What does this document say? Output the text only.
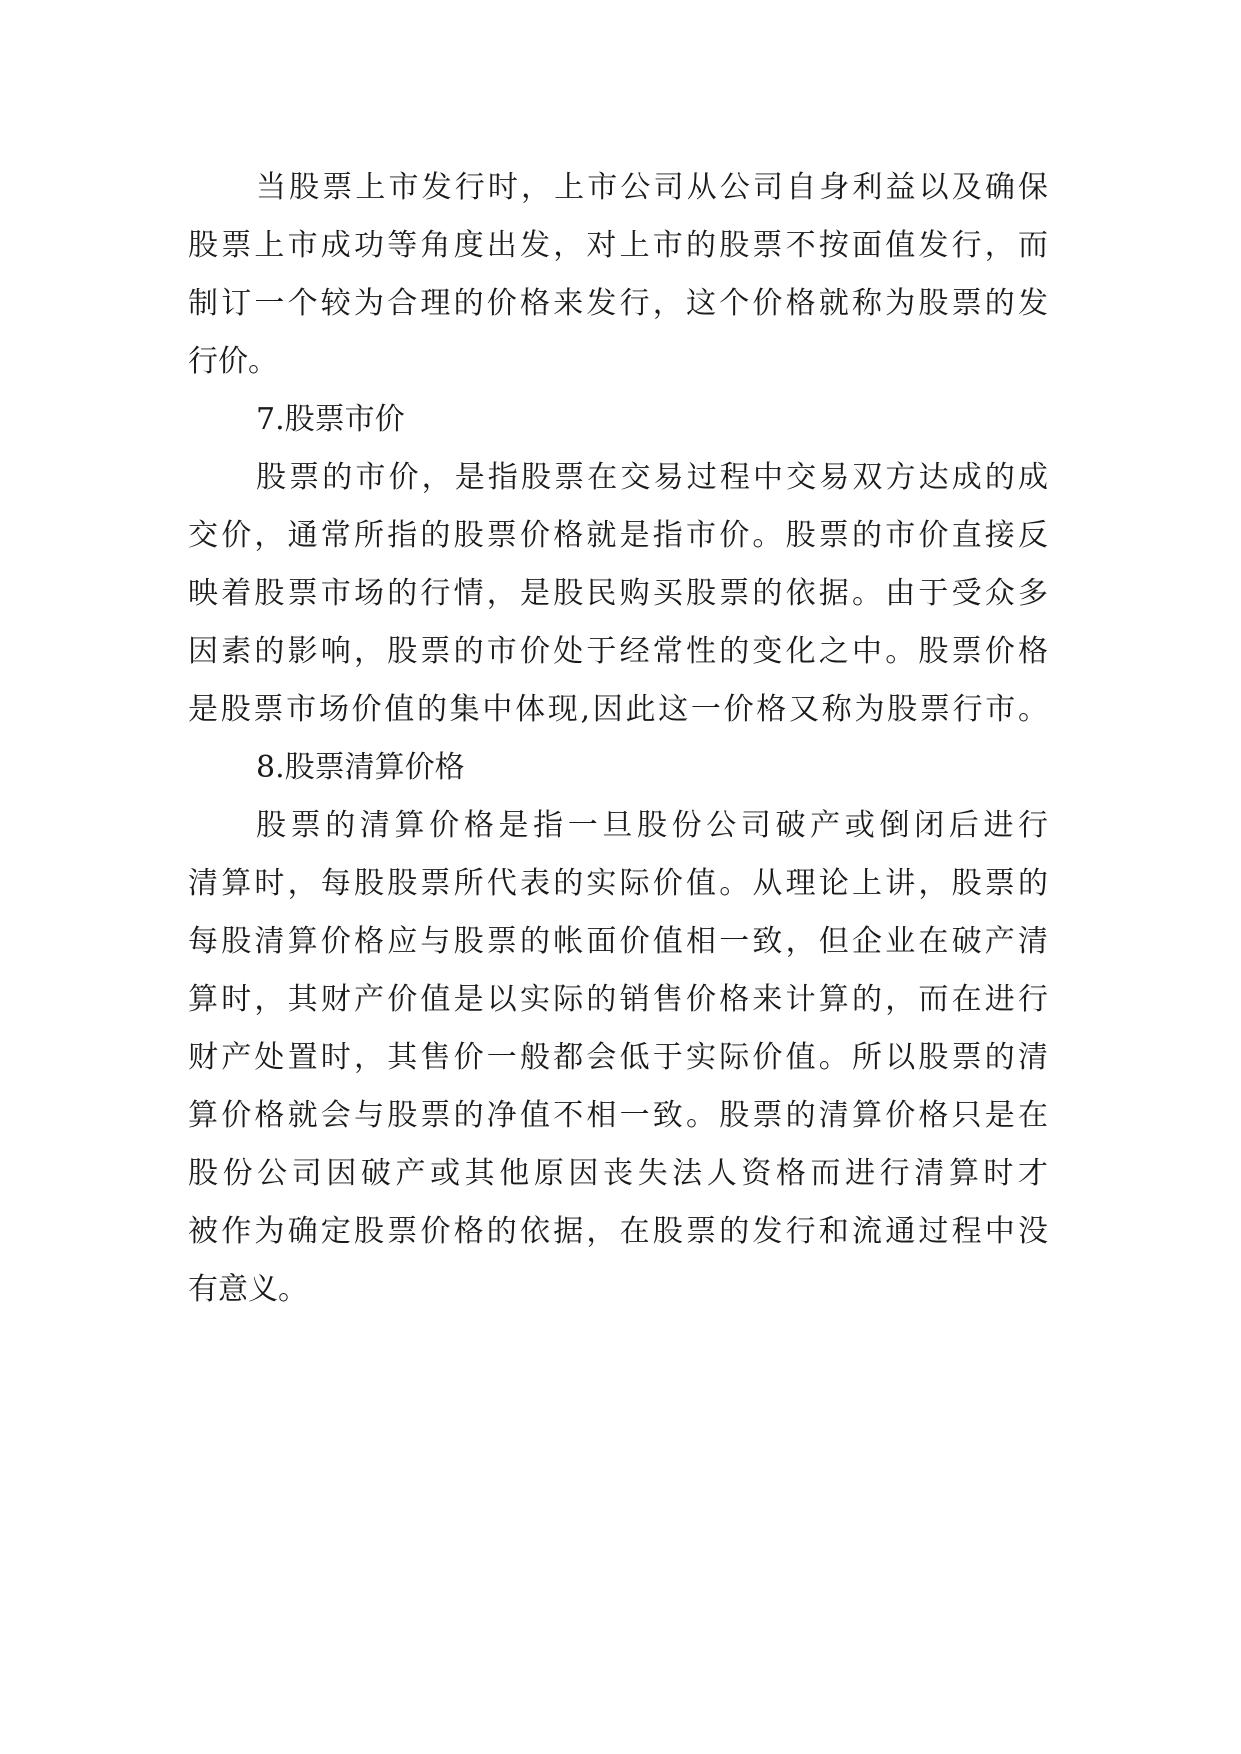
当股票上市发行时，上市公司从公司自身利益以及确保
股票上市成功等角度出发，对上市的股票不按面值发行，而
制订一个较为合理的价格来发行，这个价格就称为股票的发
行价。
7.股票市价
股票的市价，是指股票在交易过程中交易双方达成的成
交价，通常所指的股票价格就是指市价。股票的市价直接反
映着股票市场的行情，是股民购买股票的依据。由于受众多
因素的影响，股票的市价处于经常性的变化之中。股票价格
是股票市场价值的集中体现,因此这一价格又称为股票行市。
8.股票清算价格
股票的清算价格是指一旦股份公司破产或倒闭后进行
清算时，每股股票所代表的实际价值。从理论上讲，股票的
每股清算价格应与股票的帐面价值相一致，但企业在破产清
算时，其财产价值是以实际的销售价格来计算的，而在进行
财产处置时，其售价一般都会低于实际价值。所以股票的清
算价格就会与股票的净值不相一致。股票的清算价格只是在
股份公司因破产或其他原因丧失法人资格而进行清算时才
被作为确定股票价格的依据，在股票的发行和流通过程中没
有意义。
